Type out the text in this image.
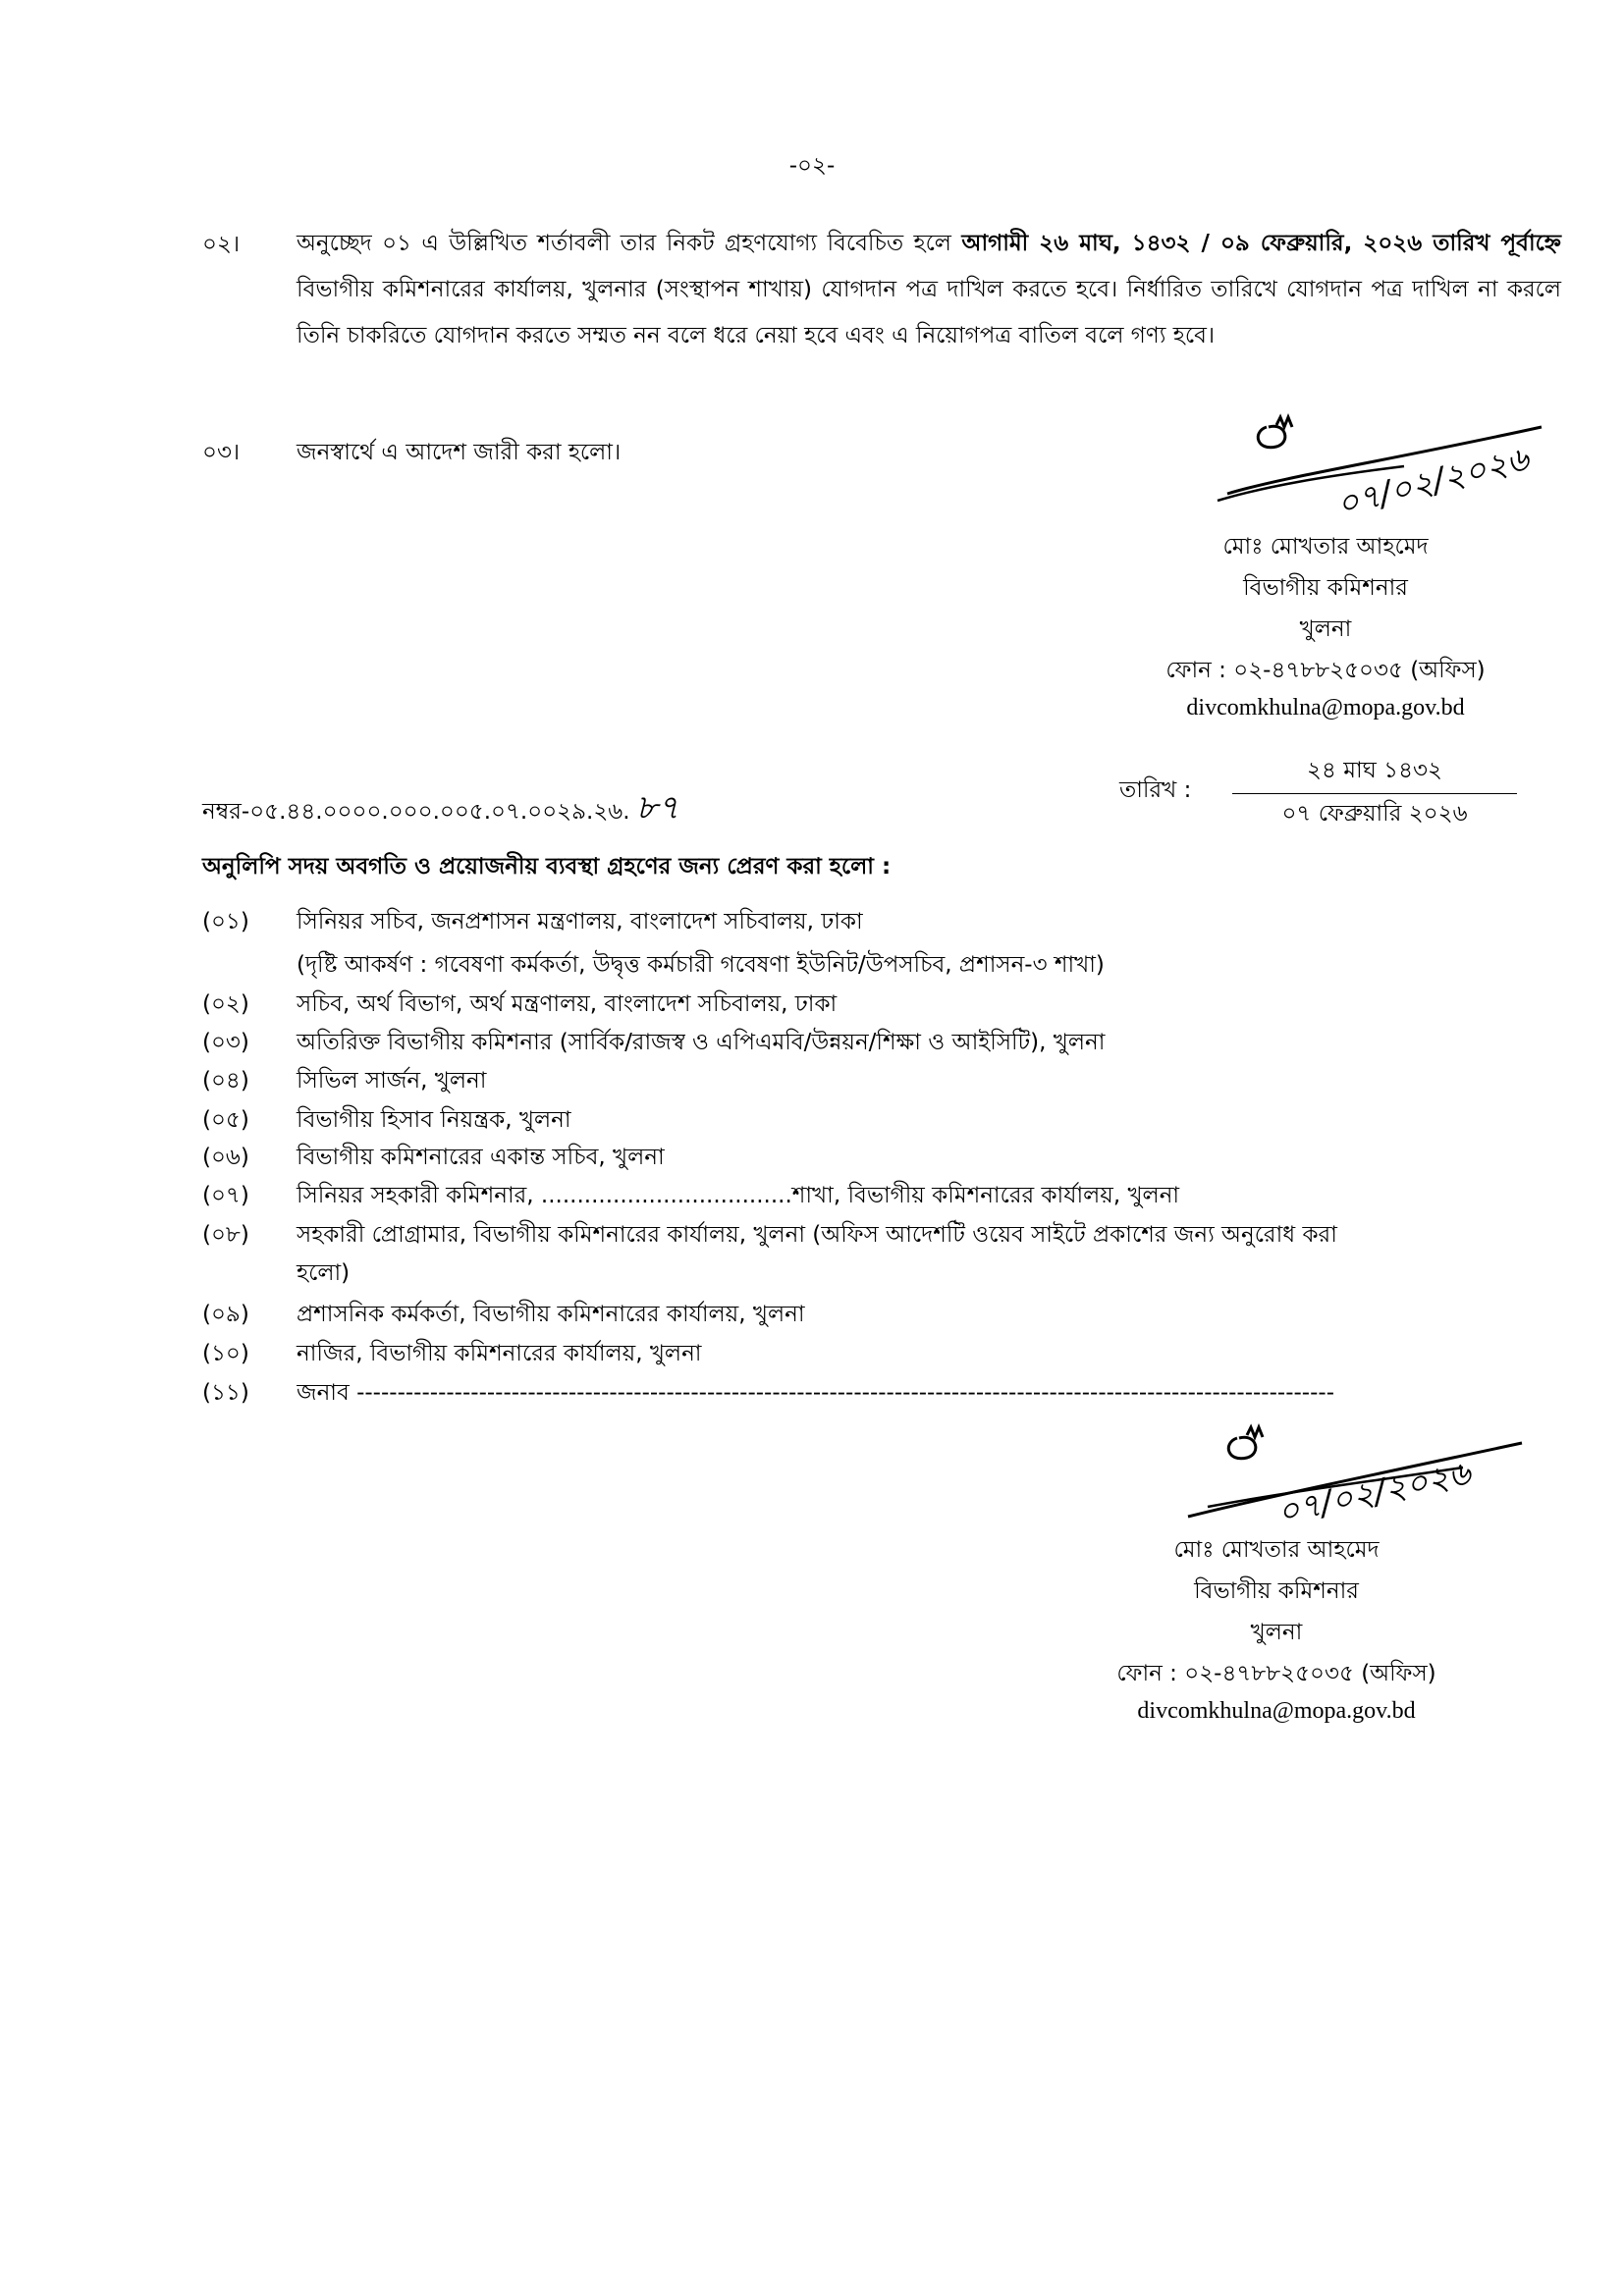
-০২-
০২।	অনুচ্ছেদ ০১ এ উল্লিখিত শর্তাবলী তার নিকট গ্রহণযোগ্য বিবেচিত হলে আগামী ২৬ মাঘ, ১৪৩২ / ০৯ ফেব্রুয়ারি, ২০২৬ তারিখ পূর্বাহ্নে বিভাগীয় কমিশনারের কার্যালয়, খুলনার (সংস্থাপন শাখায়) যোগদান পত্র দাখিল করতে হবে। নির্ধারিত তারিখে যোগদান পত্র দাখিল না করলে তিনি চাকরিতে যোগদান করতে সম্মত নন বলে ধরে নেয়া হবে এবং এ নিয়োগপত্র বাতিল বলে গণ্য হবে।
০৩।	জনস্বার্থে এ আদেশ জারী করা হলো।	০৭/০২/২০২৬
মোঃ মোখতার আহমেদ
বিভাগীয় কমিশনার
খুলনা
ফোন : ০২-৪৭৮৮২৫০৩৫ (অফিস)
divcomkhulna@mopa.gov.bd
নম্বর-০৫.৪৪.০০০০.০০০.০০৫.০৭.০০২৯.২৬. ৮৭	তারিখ :
২৪ মাঘ ১৪৩২
০৭ ফেব্রুয়ারি ২০২৬
অনুলিপি সদয় অবগতি ও প্রয়োজনীয় ব্যবস্থা গ্রহণের জন্য প্রেরণ করা হলো :
(০১) সিনিয়র সচিব, জনপ্রশাসন মন্ত্রণালয়, বাংলাদেশ সচিবালয়, ঢাকা
(দৃষ্টি আকর্ষণ : গবেষণা কর্মকর্তা, উদ্বৃত্ত কর্মচারী গবেষণা ইউনিট/উপসচিব, প্রশাসন-৩ শাখা)
(০২) সচিব, অর্থ বিভাগ, অর্থ মন্ত্রণালয়, বাংলাদেশ সচিবালয়, ঢাকা
(০৩) অতিরিক্ত বিভাগীয় কমিশনার (সার্বিক/রাজস্ব ও এপিএমবি/উন্নয়ন/শিক্ষা ও আইসিটি), খুলনা
(০৪) সিভিল সার্জন, খুলনা
(০৫) বিভাগীয় হিসাব নিয়ন্ত্রক, খুলনা
(০৬) বিভাগীয় কমিশনারের একান্ত সচিব, খুলনা
(০৭) সিনিয়র সহকারী কমিশনার, ...................................শাখা, বিভাগীয় কমিশনারের কার্যালয়, খুলনা
(০৮) সহকারী প্রোগ্রামার, বিভাগীয় কমিশনারের কার্যালয়, খুলনা (অফিস আদেশটি ওয়েব সাইটে প্রকাশের জন্য অনুরোধ করা
হলো)
(০৯) প্রশাসনিক কর্মকর্তা, বিভাগীয় কমিশনারের কার্যালয়, খুলনা
(১০) নাজির, বিভাগীয় কমিশনারের কার্যালয়, খুলনা
(১১) জনাব ------------------------------------------------------------------------------------------------------------------------
০৭/০২/২০২৬
মোঃ মোখতার আহমেদ
বিভাগীয় কমিশনার
খুলনা
ফোন : ০২-৪৭৮৮২৫০৩৫ (অফিস)
divcomkhulna@mopa.gov.bd
